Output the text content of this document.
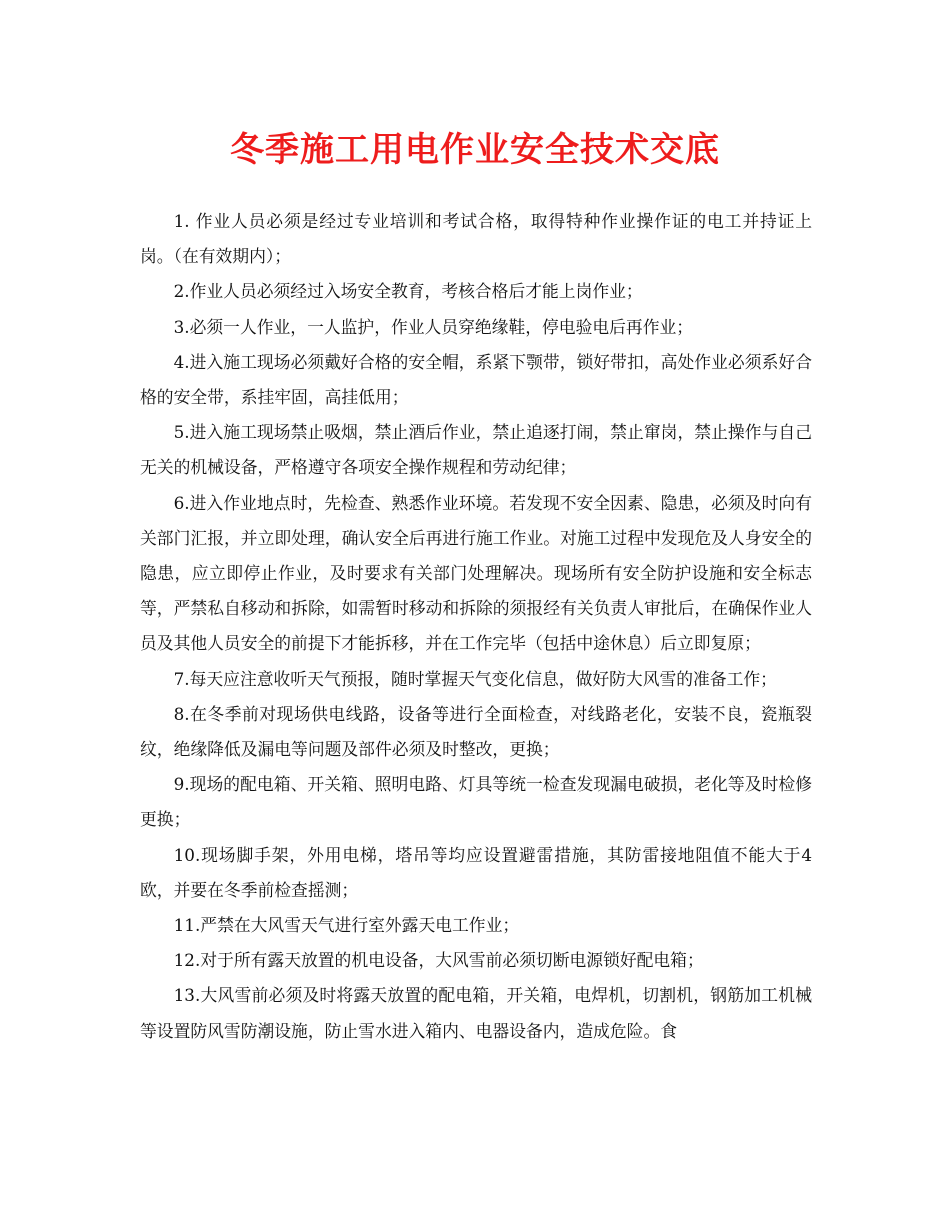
冬季施工用电作业安全技术交底

1. 作业人员必须是经过专业培训和考试合格，取得特种作业操作证的电工并持证上岗。（在有效期内）；

2.作业人员必须经过入场安全教育，考核合格后才能上岗作业；

3.必须一人作业，一人监护，作业人员穿绝缘鞋，停电验电后再作业；

4.进入施工现场必须戴好合格的安全帽，系紧下颚带，锁好带扣，高处作业必须系好合格的安全带，系挂牢固，高挂低用；

5.进入施工现场禁止吸烟，禁止酒后作业，禁止追逐打闹，禁止窜岗，禁止操作与自己无关的机械设备，严格遵守各项安全操作规程和劳动纪律；

6.进入作业地点时，先检查、熟悉作业环境。若发现不安全因素、隐患，必须及时向有关部门汇报，并立即处理，确认安全后再进行施工作业。对施工过程中发现危及人身安全的隐患，应立即停止作业，及时要求有关部门处理解决。现场所有安全防护设施和安全标志等，严禁私自移动和拆除，如需暂时移动和拆除的须报经有关负责人审批后，在确保作业人员及其他人员安全的前提下才能拆移，并在工作完毕（包括中途休息）后立即复原；

7.每天应注意收听天气预报，随时掌握天气变化信息，做好防大风雪的准备工作；

8.在冬季前对现场供电线路，设备等进行全面检查，对线路老化，安装不良，瓷瓶裂纹，绝缘降低及漏电等问题及部件必须及时整改，更换；

9.现场的配电箱、开关箱、照明电路、灯具等统一检查发现漏电破损，老化等及时检修更换；

10.现场脚手架，外用电梯，塔吊等均应设置避雷措施，其防雷接地阻值不能大于4欧，并要在冬季前检查摇测；

11.严禁在大风雪天气进行室外露天电工作业；

12.对于所有露天放置的机电设备，大风雪前必须切断电源锁好配电箱；

13.大风雪前必须及时将露天放置的配电箱，开关箱，电焊机，切割机，钢筋加工机械等设置防风雪防潮设施，防止雪水进入箱内、电器设备内，造成危险。食
